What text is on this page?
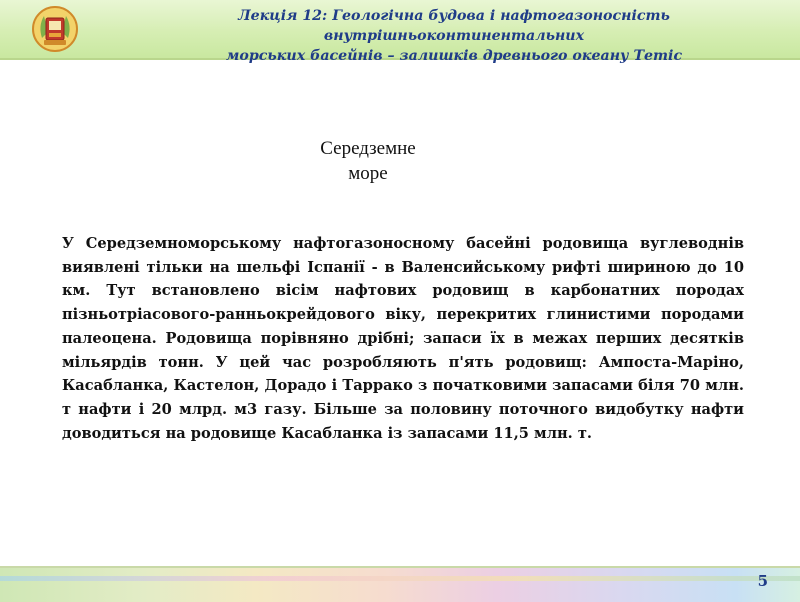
Лекція 12: Геологічна будова і нафтогазоносність внутрішньоконтинентальних
морських басейнів – залишків древнього океану Тетіс
Середземне
море

У Середземноморському нафтогазоносному басейні родовища вуглеводнів виявлені тільки на шельфі Іспанії - в Валенсийському рифті шириною до 10 км. Тут встановлено вісім нафтових родовищ в карбонатних породах пізньотріасового-ранньокрейдового віку, перекритих глинистими породами палеоцена. Родовища порівняно дрібні; запаси їх в межах перших десятків мільярдів тонн. У цей час розробляють п'ять родовищ: Ампоста-Маріно, Касабланка, Кастелон, Дорадо і Таррако з початковими запасами біля 70 млн. т нафти і 20 млрд. м3 газу. Більше за половину поточного видобутку нафти доводиться на родовище Касабланка із запасами 11,5 млн. т.

5
